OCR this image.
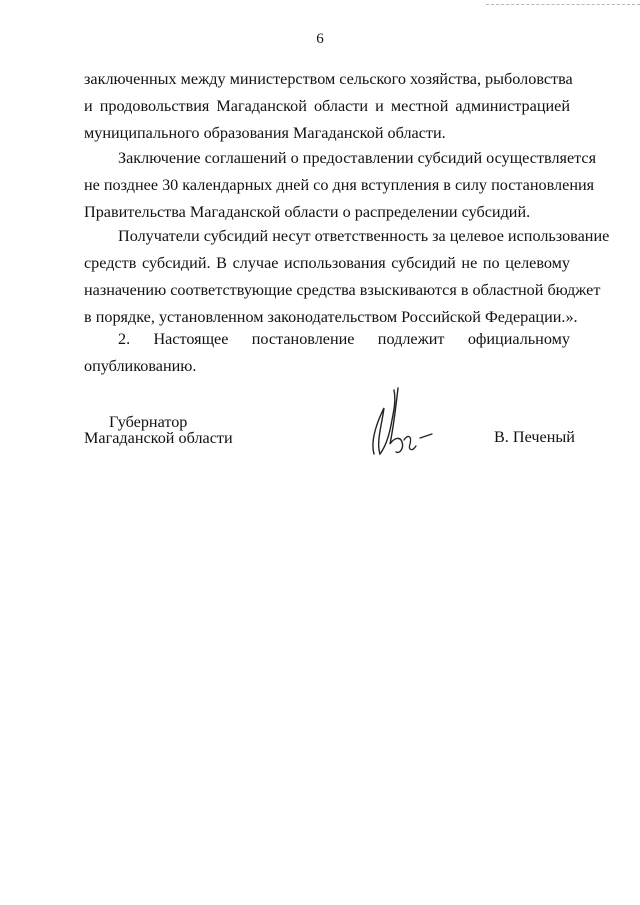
6
заключенных между министерством сельского хозяйства, рыболовства
и продовольствия Магаданской области и местной администрацией
муниципального образования Магаданской области.
Заключение соглашений о предоставлении субсидий осуществляется
не позднее 30 календарных дней со дня вступления в силу постановления
Правительства Магаданской области о распределении субсидий.
Получатели субсидий несут ответственность за целевое использование
средств субсидий. В случае использования субсидий не по целевому
назначению соответствующие средства взыскиваются в областной бюджет
в порядке, установленном законодательством Российской Федерации.».
2. Настоящее постановление подлежит официальному
опубликованию.
Губернатор
Магаданской области	В. Печеный
